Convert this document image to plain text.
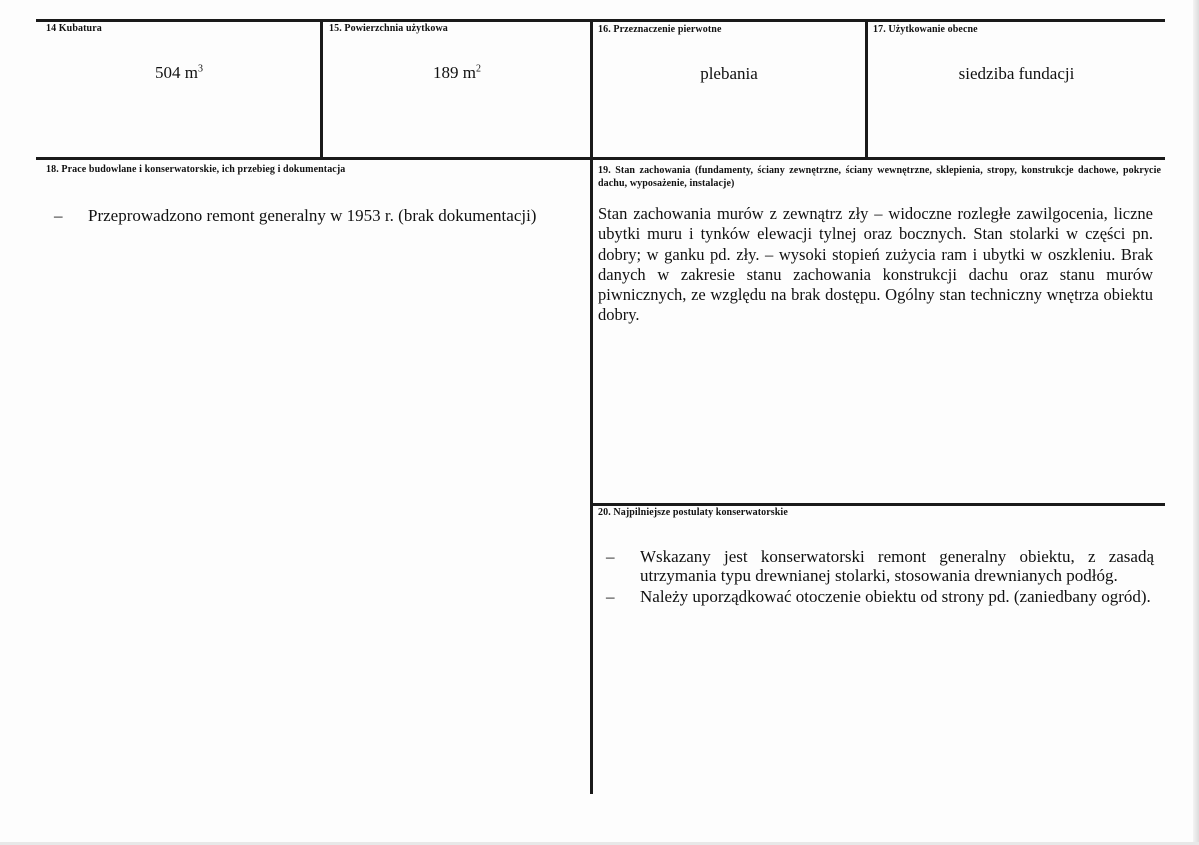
14 Kubatura
504 $m^3$
15. Powierzchnia użytkowa
189 $m^2$
16. Przeznaczenie pierwotne
plebania
17. Użytkowanie obecne
siedziba fundacji
18. Prace budowlane i konserwatorskie, ich przebieg i dokumentacja
– Przeprowadzono remont generalny w 1953 r. (brak dokumentacji)
19. Stan zachowania (fundamenty, ściany zewnętrzne, ściany wewnętrzne, sklepienia, stropy, konstrukcje dachowe, pokrycie dachu, wyposażenie, instalacje)

Stan zachowania murów z zewnątrz zły – widoczne rozległe zawilgocenia, liczne ubytki muru i tynków elewacji tylnej oraz bocznych. Stan stolarki w części pn. dobry; w ganku pd. zły. – wysoki stopień zużycia ram i ubytki w oszkleniu. Brak danych w zakresie stanu zachowania konstrukcji dachu oraz stanu murów piwnicznych, ze względu na brak dostępu. Ogólny stan techniczny wnętrza obiektu dobry.

20. Najpilniejsze postulaty konserwatorskie
– Wskazany jest konserwatorski remont generalny obiektu, z zasadą utrzymania typu drewnianej stolarki, stosowania drewnianych podłóg.
– Należy uporządkować otoczenie obiektu od strony pd. (zaniedbany ogród).
